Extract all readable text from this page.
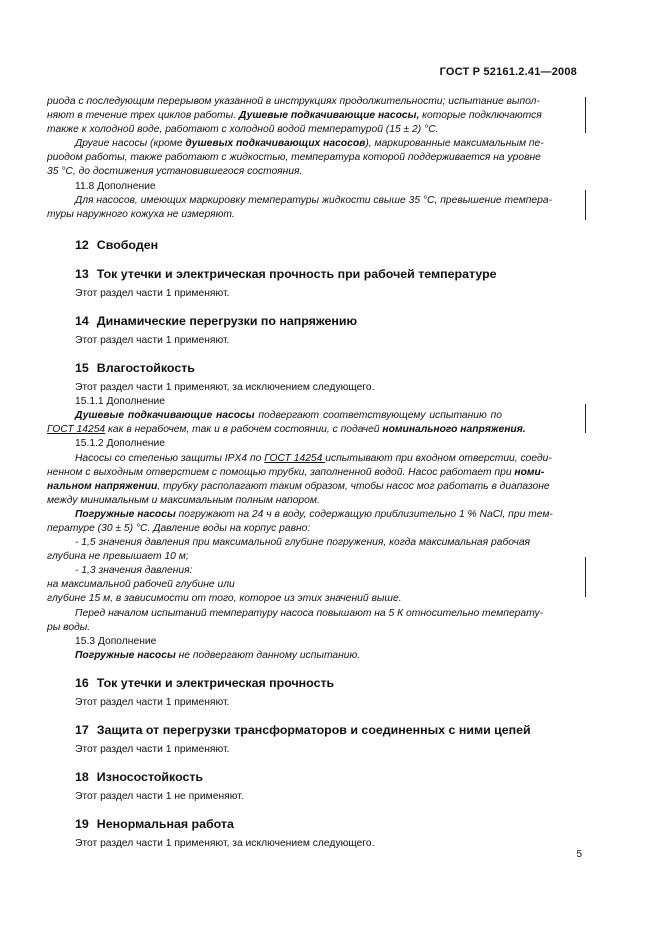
ГОСТ Р 52161.2.41—2008

риода с последующим перерывом указанной в инструкциях продолжительности; испытание выпол-

няют в течение трех циклов работы. Душевые подкачивающие насосы, которые подключаются

также к холодной воде, работают с холодной водой температурой (15 ± 2) °С.

Другие насосы (кроме душевых подкачивающих насосов), маркированные максимальным пе-

риодом работы, также работают с жидкостью, температура которой поддерживается на уровне

35 °С, до достижения установившегося состояния.

11.8 Дополнение

Для насосов, имеющих маркировку температуры жидкости свыше 35 °С, превышение темпера-

туры наружного кожуха не измеряют.

12 Свободен

13 Ток утечки и электрическая прочность при рабочей температуре

Этот раздел части 1 применяют.

14 Динамические перегрузки по напряжению

Этот раздел части 1 применяют.

15 Влагостойкость

Этот раздел части 1 применяют, за исключением следующего.

15.1.1 Дополнение

Душевые подкачивающие насосы подвергают соответствующему испытанию по

ГОСТ 14254 как в нерабочем, так и в рабочем состоянии, с подачей номинального напряжения.

15.1.2 Дополнение

Насосы со степенью защиты IPX4 по ГОСТ 14254 испытывают при входном отверстии, соеди-

ненном с выходным отверстием с помощью трубки, заполненной водой. Насос работает при номи-

нальном напряжении, трубку располагают таким образом, чтобы насос мог работать в диапазоне

между минимальным и максимальным полным напором.

Погружные насосы погружают на 24 ч в воду, содержащую приблизительно 1 % NaCl, при тем-

пературе (30 ± 5) °С. Давление воды на корпус равно:

- 1,5 значения давления при максимальной глубине погружения, когда максимальная рабочая

глубина не превышает 10 м;

- 1,3 значения давления:

на максимальной рабочей глубине или

глубине 15 м, в зависимости от того, которое из этих значений выше.

Перед началом испытаний температуру насоса повышают на 5 К относительно температу-

ры воды.

15.3 Дополнение

Погружные насосы не подвергают данному испытанию.

16 Ток утечки и электрическая прочность

Этот раздел части 1 применяют.

17 Защита от перегрузки трансформаторов и соединенных с ними цепей

Этот раздел части 1 применяют.

18 Износостойкость

Этот раздел части 1 не применяют.

19 Ненормальная работа

Этот раздел части 1 применяют, за исключением следующего.

5
